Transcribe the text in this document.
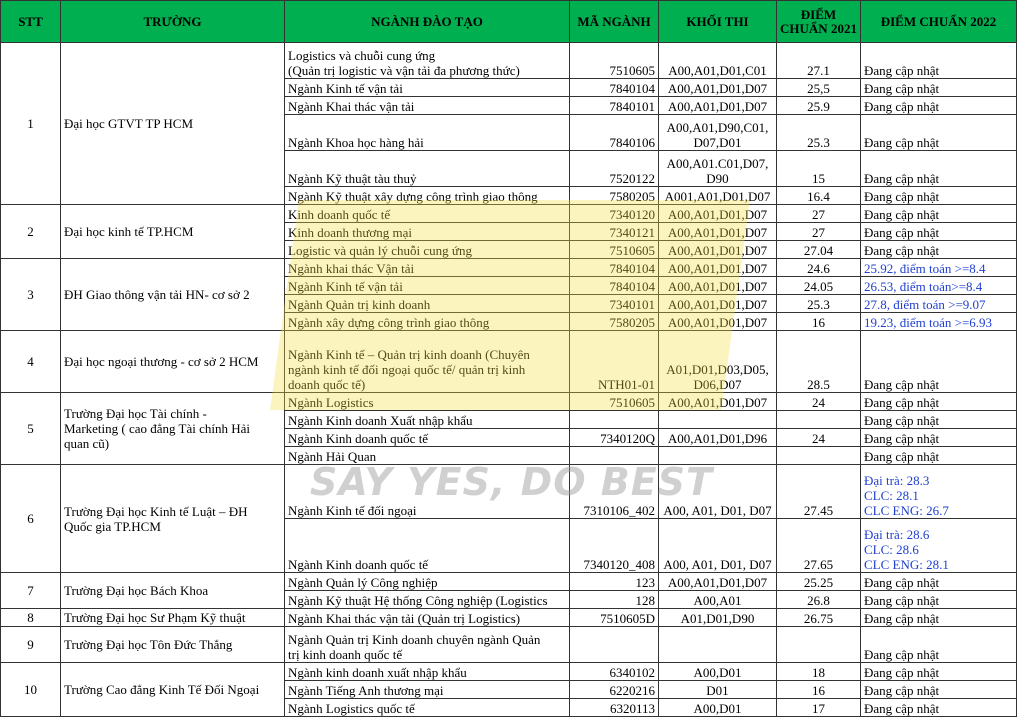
SAY YES, DO BEST
STT	TRƯỜNG	NGÀNH ĐÀO TẠO	MÃ NGÀNH	KHỐI THI	ĐIỂM CHUẨN 2021	ĐIỂM CHUẨN 2022

1	Đại học GTVT TP HCM	Logistics và chuỗi cung ứng
(Quản trị logistic và vận tải đa phương thức)	7510605	A00,A01,D01,C01	27.1	Đang cập nhật

		Ngành Kinh tế vận tải	7840104	A00,A01,D01,D07	25,5	Đang cập nhật

		Ngành Khai thác vận tải	7840101	A00,A01,D01,D07	25.9	Đang cập nhật

		Ngành Khoa học hàng hải	7840106	A00,A01,D90,C01,
D07,D01	25.3	Đang cập nhật

		Ngành Kỹ thuật tàu thuỷ	7520122	A00,A01.C01,D07,
D90	15	Đang cập nhật

		Ngành Kỹ thuật xây dựng công trình giao thông	7580205	A001,A01,D01,D07	16.4	Đang cập nhật

2	Đại học kinh tế TP.HCM	Kinh doanh quốc tế	7340120	A00,A01,D01,D07	27	Đang cập nhật

		Kinh doanh thương mại	7340121	A00,A01,D01,D07	27	Đang cập nhật

		Logistic và quản lý chuỗi cung ứng	7510605	A00,A01,D01,D07	27.04	Đang cập nhật

3	ĐH Giao thông vận tải HN- cơ sở 2	Ngành khai thác Vận tải	7840104	A00,A01,D01,D07	24.6	25.92, điểm toán >=8.4

		Ngành Kinh tế vận tải	7840104	A00,A01,D01,D07	24.05	26.53, điểm toán>=8.4

		Ngành Quản trị kinh doanh	7340101	A00,A01,D01,D07	25.3	27.8, điểm toán >=9.07

		Ngành xây dựng công trình giao thông	7580205	A00,A01,D01,D07	16	19.23, điểm toán >=6.93

4	Đại học ngoại thương - cơ sở 2 HCM	Ngành Kinh tế – Quản trị kinh doanh (Chuyên
ngành kinh tế đối ngoại quốc tế/ quản trị kinh
doanh quốc tế)	NTH01-01	A01,D01,D03,D05,
D06,D07	28.5	Đang cập nhật

5	Trường Đại học Tài chính -
Marketing ( cao đẳng Tài chính Hải
quan cũ)	Ngành Logistics	7510605	A00,A01,D01,D07	24	Đang cập nhật

		Ngành Kinh doanh Xuất nhập khẩu				Đang cập nhật

		Ngành Kinh doanh quốc tế	7340120Q	A00,A01,D01,D96	24	Đang cập nhật

		Ngành Hải Quan				Đang cập nhật

6	Trường Đại học Kinh tế Luật – ĐH
Quốc gia TP.HCM	Ngành Kinh tế đối ngoại	7310106_402	A00, A01, D01, D07	27.45	Đại trà: 28.3
CLC: 28.1
CLC ENG: 26.7

		Ngành Kinh doanh quốc tế	7340120_408	A00, A01, D01, D07	27.65	Đại trà: 28.6
CLC: 28.6
CLC ENG: 28.1

7	Trường Đại học Bách Khoa	Ngành Quản lý Công nghiệp	123	A00,A01,D01,D07	25.25	Đang cập nhật

		Ngành Kỹ thuật Hệ thống Công nghiệp (Logistics	128	A00,A01	26.8	Đang cập nhật

8	Trường Đại học Sư Phạm Kỹ thuật	Ngành Khai thác vận tải (Quản trị Logistics)	7510605D	A01,D01,D90	26.75	Đang cập nhật

9	Trường Đại học Tôn Đức Thắng	Ngành Quản trị Kinh doanh chuyên ngành Quản
trị kinh doanh quốc tế				Đang cập nhật

10	Trường Cao đẳng Kinh Tế Đối Ngoại	Ngành kinh doanh xuất nhập khẩu	6340102	A00,D01	18	Đang cập nhật

		Ngành Tiếng Anh thương mại	6220216	D01	16	Đang cập nhật

		Ngành Logistics quốc tế	6320113	A00,D01	17	Đang cập nhật
